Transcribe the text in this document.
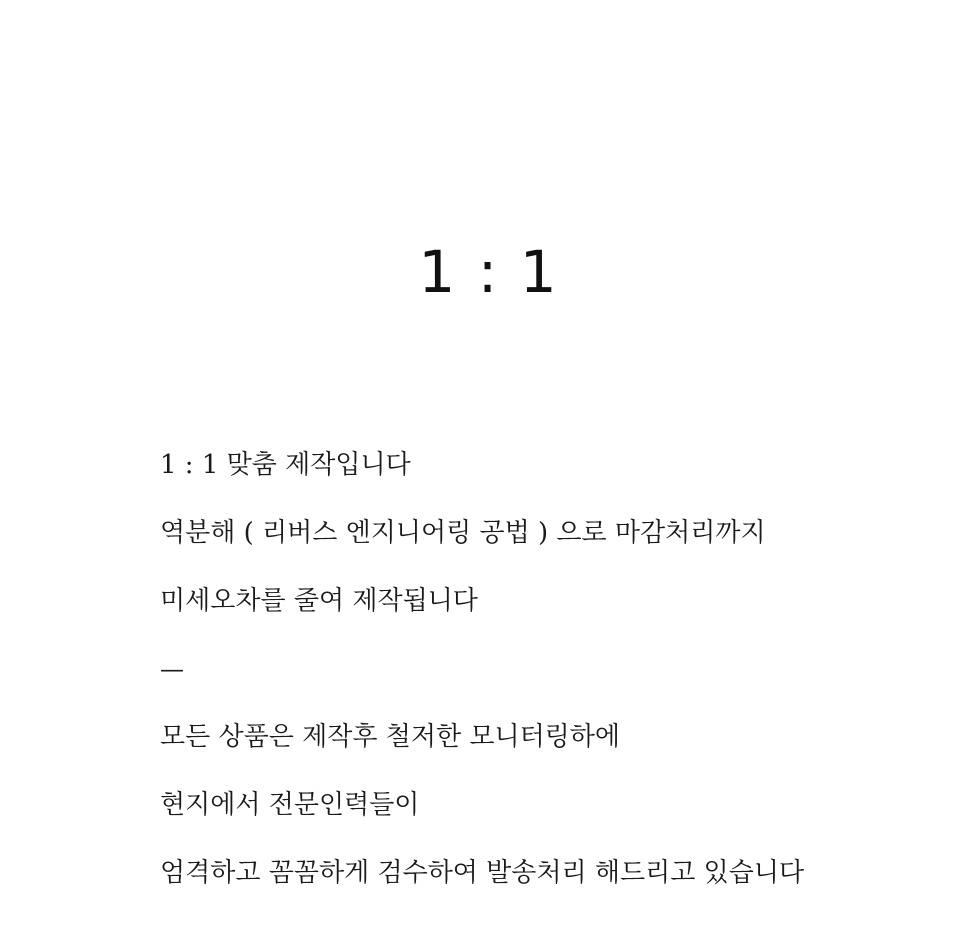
1 : 1
1 : 1 맞춤 제작입니다
역분해 ( 리버스 엔지니어링 공법 ) 으로 마감처리까지
미세오차를 줄여 제작됩니다
—
모든 상품은 제작후 철저한 모니터링하에
현지에서 전문인력들이
엄격하고 꼼꼼하게 검수하여 발송처리 해드리고 있습니다
